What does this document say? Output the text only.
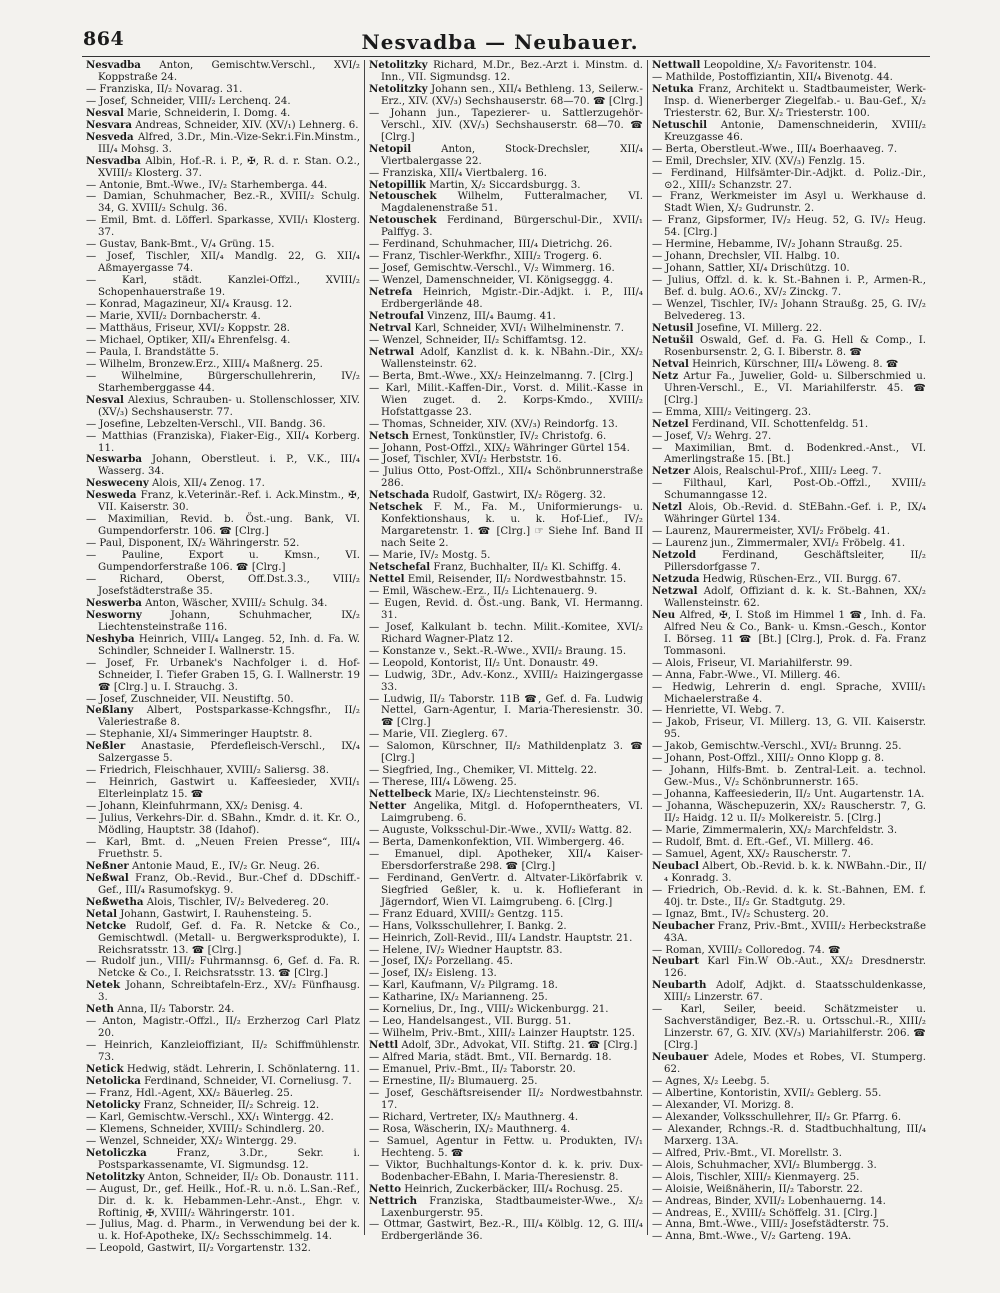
864	Nesvadba — Neubauer.
Nesvadba Anton, Gemischtw.Verschl., XVI/₂ Koppstraße 24.
— Franziska, II/₂ Novarag. 31.
— Josef, Schneider, VIII/₂ Lerchenq. 24.
Nesval Marie, Schneiderin, I. Domg. 4.
Nesvara Andreas, Schneider, XIV. (XV/₁) Lehnerg. 6.
Nesveda Alfred, 3.Dr., Min.-Vize-Sekr.i.Fin.Minstm., III/₄ Mohsg. 3.
Nesvadba Albin, Hof.-R. i. P., ✠, R. d. r. Stan. O.2., XVIII/₂ Klosterg. 37.
— Antonie, Bmt.-Wwe., IV/₂ Starhemberga. 44.
— Damian, Schuhmacher, Bez.-R., XVIII/₂ Schulg. 34, G. XVIII/₂ Schulg. 36.
— Emil, Bmt. d. Löfferl. Sparkasse, XVII/₁ Klosterg. 37.
— Gustav, Bank-Bmt., V/₄ Grüng. 15.
— Josef, Tischler, XII/₄ Mandlg. 22, G. XII/₄ Aßmayergasse 74.
— Karl, städt. Kanzlei-Offzl., XVIII/₂ Schopenhauerstraße 19.
— Konrad, Magazineur, XI/₄ Krausg. 12.
— Marie, XVII/₂ Dornbacherstr. 4.
— Matthäus, Friseur, XVI/₂ Koppstr. 28.
— Michael, Optiker, XII/₄ Ehrenfelsg. 4.
— Paula, I. Brandstätte 5.
— Wilhelm, Bronzew.Erz., XIII/₄ Maßnerg. 25.
— Wilhelmine, Bürgerschullehrerin, IV/₂ Starhemberggasse 44.
Nesval Alexius, Schrauben- u. Stollenschlosser, XIV. (XV/₃) Sechshauserstr. 77.
— Josefine, Lebzelten-Verschl., VII. Bandg. 36.
— Matthias (Franziska), Fiaker-Eig., XII/₄ Korberg. 11.
Neswarba Johann, Oberstleut. i. P., V.K., III/₄ Wasserg. 34.
Nesweceny Alois, XII/₄ Zenog. 17.
Nesweda Franz, k.Veterinär.-Ref. i. Ack.Minstm., ✠, VII. Kaiserstr. 30.
— Maximilian, Revid. b. Öst.-ung. Bank, VI. Gumpendorferstr. 106. ☎ [Clrg.]
— Paul, Disponent, IX/₂ Währingerstr. 52.
— Pauline, Export u. Kmsn., VI. Gumpendorferstraße 106. ☎ [Clrg.]
— Richard, Oberst, Off.Dst.3.3., VIII/₂ Josefstädterstraße 35.
Neswerba Anton, Wäscher, XVIII/₂ Schulg. 34.
Nesworny Johann, Schuhmacher, IX/₂ Liechtensteinstraße 116.
Neshyba Heinrich, VIII/₄ Langeg. 52, Inh. d. Fa. W. Schindler, Schneider I. Wallnerstr. 15.
— Josef, Fr. Urbanek's Nachfolger i. d. Hof-Schneider, I. Tiefer Graben 15, G. I. Wallnerstr. 19 ☎ [Clrg.] u. I. Strauchg. 3.
— Josef, Zuschneider, VII. Neustiftg. 50.
Neßlany Albert, Postsparkasse-Kchngsfhr., II/₂ Valeriestraße 8.
— Stephanie, XI/₄ Simmeringer Hauptstr. 8.
Neßler Anastasie, Pferdefleisch-Verschl., IX/₄ Salzergasse 5.
— Friedrich, Fleischhauer, XVIII/₂ Saliersg. 38.
— Heinrich, Gastwirt u. Kaffeesieder, XVII/₁ Elterleinplatz 15. ☎
— Johann, Kleinfuhrmann, XX/₂ Denisg. 4.
— Julius, Verkehrs-Dir. d. SBahn., Kmdr. d. it. Kr. O., Mödling, Hauptstr. 38 (Idahof).
— Karl, Bmt. d. „Neuen Freien Presse“, III/₄ Fruethstr. 5.
Neßner Antonie Maud, E., IV/₂ Gr. Neug. 26.
Neßwal Franz, Ob.-Revid., Bur.-Chef d. DDschiff.-Gef., III/₄ Rasumofskyg. 9.
Neßwetha Alois, Tischler, IV/₂ Belvedereg. 20.
Netal Johann, Gastwirt, I. Rauhensteing. 5.
Netcke Rudolf, Gef. d. Fa. R. Netcke & Co., Gemischtwdl. (Metall- u. Bergwerksprodukte), I. Reichsratsstr. 13. ☎ [Clrg.]
— Rudolf jun., VIII/₂ Fuhrmannsg. 6, Gef. d. Fa. R. Netcke & Co., I. Reichsratsstr. 13. ☎ [Clrg.]
Netek Johann, Schreibtafeln-Erz., XV/₂ Fünfhausg. 3.
Neth Anna, II/₂ Taborstr. 24.
— Anton, Magistr.-Offzl., II/₂ Erzherzog Carl Platz 20.
— Heinrich, Kanzleioffiziant, II/₂ Schiffmühlenstr. 73.
Netick Hedwig, städt. Lehrerin, I. Schönlaterng. 11.
Netolicka Ferdinand, Schneider, VI. Corneliusg. 7.
— Franz, Hdl.-Agent, XX/₂ Bäuerleg. 25.
Netolicky Franz, Schneider, II/₂ Schreig. 12.
— Karl, Gemischtw.-Verschl., XX/₁ Wintergg. 42.
— Klemens, Schneider, XVIII/₂ Schindlerg. 20.
— Wenzel, Schneider, XX/₂ Wintergg. 29.
Netoliczka Franz, 3.Dr., Sekr. i. Postsparkassenamte, VI. Sigmundsg. 12.
Netolitzky Anton, Schneider, II/₂ Ob. Donaustr. 111.
— August, Dr., gef. Heilk., Hof.-R. u. n.ö. L.San.-Ref., Dir. d. k. k. Hebammen-Lehr.-Anst., Ehgr. v. Roftinig, ✠, XVIII/₂ Währingerstr. 101.
— Julius, Mag. d. Pharm., in Verwendung bei der k. u. k. Hof-Apotheke, IX/₂ Sechsschimmelg. 14.
— Leopold, Gastwirt, II/₂ Vorgartenstr. 132.
Netolitzky Richard, M.Dr., Bez.-Arzt i. Minstm. d. Inn., VII. Sigmundsg. 12.
Netolitzky Johann sen., XII/₄ Bethleng. 13, Seilerw.-Erz., XIV. (XV/₃) Sechshauserstr. 68—70. ☎ [Clrg.]
— Johann jun., Tapezierer- u. Sattlerzugehör-Verschl., XIV. (XV/₃) Sechshauserstr. 68—70. ☎ [Clrg.]
Netopil Anton, Stock-Drechsler, XII/₄ Viertbalergasse 22.
— Franziska, XII/₄ Viertbalerg. 16.
Netopillik Martin, X/₂ Siccardsburgg. 3.
Netouschek Wilhelm, Futteralmacher, VI. Magdalenenstraße 51.
Netouschek Ferdinand, Bürgerschul-Dir., XVII/₁ Palffyg. 3.
— Ferdinand, Schuhmacher, III/₄ Dietrichg. 26.
— Franz, Tischler-Werkfhr., XIII/₂ Trogerg. 6.
— Josef, Gemischtw.-Verschl., V/₂ Wimmerg. 16.
— Wenzel, Damenschneider, VI. Königseggg. 4.
Netrefa Heinrich, Mgistr.-Dir.-Adjkt. i. P., III/₄ Erdbergerlände 48.
Netroufal Vinzenz, III/₄ Baumg. 41.
Netrval Karl, Schneider, XVI/₁ Wilhelminenstr. 7.
— Wenzel, Schneider, II/₂ Schiffamtsg. 12.
Netrwal Adolf, Kanzlist d. k. k. NBahn.-Dir., XX/₂ Wallensteinstr. 62.
— Berta, Bmt.-Wwe., XX/₂ Heinzelmanng. 7. [Clrg.]
— Karl, Milit.-Kaffen-Dir., Vorst. d. Milit.-Kasse in Wien zuget. d. 2. Korps-Kmdo., XVIII/₂ Hofstattgasse 23.
— Thomas, Schneider, XIV. (XV/₃) Reindorfg. 13.
Netsch Ernest, Tonkünstler, IV/₂ Christofg. 6.
— Johann, Post-Offzl., XIX/₂ Währinger Gürtel 154.
— Josef, Tischler, XVI/₂ Herbststr. 16.
— Julius Otto, Post-Offzl., XII/₄ Schönbrunnerstraße 286.
Netschada Rudolf, Gastwirt, IX/₂ Rögerg. 32.
Netschek F. M., Fa. M., Uniformierungs- u. Konfektionshaus, k. u. k. Hof-Lief., IV/₂ Margaretenstr. 1. ☎ [Clrg.] ☞ Siehe Inf. Band II nach Seite 2.
— Marie, IV/₂ Mostg. 5.
Netschefal Franz, Buchhalter, II/₂ Kl. Schiffg. 4.
Nettel Emil, Reisender, II/₂ Nordwestbahnstr. 15.
— Emil, Wäschew.-Erz., II/₂ Lichtenauerg. 9.
— Eugen, Revid. d. Öst.-ung. Bank, VI. Hermanng. 31.
— Josef, Kalkulant b. techn. Milit.-Komitee, XVI/₂ Richard Wagner-Platz 12.
— Konstanze v., Sekt.-R.-Wwe., XVII/₂ Braung. 15.
— Leopold, Kontorist, II/₂ Unt. Donaustr. 49.
— Ludwig, 3Dr., Adv.-Konz., XVIII/₂ Haizingergasse 33.
— Ludwig, II/₂ Taborstr. 11B ☎, Gef. d. Fa. Ludwig Nettel, Garn-Agentur, I. Maria-Theresienstr. 30. ☎ [Clrg.]
— Marie, VII. Zieglerg. 67.
— Salomon, Kürschner, II/₂ Mathildenplatz 3. ☎ [Clrg.]
— Siegfried, Ing., Chemiker, VI. Mittelg. 22.
— Therese, III/₄ Löweng. 25.
Nettelbeck Marie, IX/₂ Liechtensteinstr. 96.
Netter Angelika, Mitgl. d. Hofoperntheaters, VI. Laimgrubeng. 6.
— Auguste, Volksschul-Dir.-Wwe., XVII/₂ Wattg. 82.
— Berta, Damenkonfektion, VII. Wimbergerg. 46.
— Emanuel, dipl. Apotheker, XII/₄ Kaiser-Ebersdorferstraße 298. ☎ [Clrg.]
— Ferdinand, GenVertr. d. Altvater-Likörfabrik v. Siegfried Geßler, k. u. k. Hoflieferant in Jägerndorf, Wien VI. Laimgrubeng. 6. [Clrg.]
— Franz Eduard, XVIII/₂ Gentzg. 115.
— Hans, Volksschullehrer, I. Bankg. 2.
— Heinrich, Zoll-Revid., III/₄ Landstr. Hauptstr. 21.
— Helene, IV/₂ Wiedner Hauptstr. 83.
— Josef, IX/₂ Porzellang. 45.
— Josef, IX/₂ Eisleng. 13.
— Karl, Kaufmann, V/₂ Pilgramg. 18.
— Katharine, IX/₂ Marianneng. 25.
— Kornelius, Dr., Ing., VIII/₂ Wickenburgg. 21.
— Leo, Handelsangest., VII. Burgg. 51.
— Wilhelm, Priv.-Bmt., XIII/₂ Lainzer Hauptstr. 125.
Nettl Adolf, 3Dr., Advokat, VII. Stiftg. 21. ☎ [Clrg.]
— Alfred Maria, städt. Bmt., VII. Bernardg. 18.
— Emanuel, Priv.-Bmt., II/₂ Taborstr. 20.
— Ernestine, II/₂ Blumauerg. 25.
— Josef, Geschäftsreisender II/₂ Nordwestbahnstr. 17.
— Richard, Vertreter, IX/₂ Mauthnerg. 4.
— Rosa, Wäscherin, IX/₂ Mauthnerg. 4.
— Samuel, Agentur in Fettw. u. Produkten, IV/₁ Hechteng. 5. ☎
— Viktor, Buchhaltungs-Kontor d. k. k. priv. Dux-Bodenbacher-EBahn, I. Maria-Theresienstr. 8.
Netto Heinrich, Zuckerbäcker, III/₄ Rochusg. 25.
Nettrich Franziska, Stadtbaumeister-Wwe., X/₂ Laxenburgerstr. 95.
— Ottmar, Gastwirt, Bez.-R., III/₄ Kölblg. 12, G. III/₄ Erdbergerlände 36.
Nettwall Leopoldine, X/₂ Favoritenstr. 104.
— Mathilde, Postoffiziantin, XII/₄ Bivenotg. 44.
Netuka Franz, Architekt u. Stadtbaumeister, Werk-Insp. d. Wienerberger Ziegelfab.- u. Bau-Gef., X/₂ Triesterstr. 62, Bur. X/₂ Triesterstr. 100.
Netuschil Antonie, Damenschneiderin, XVIII/₂ Kreuzgasse 46.
— Berta, Oberstleut.-Wwe., III/₄ Boerhaaveg. 7.
— Emil, Drechsler, XIV. (XV/₃) Fenzlg. 15.
— Ferdinand, Hilfsämter-Dir.-Adjkt. d. Poliz.-Dir., ⊙2., XIII/₂ Schanzstr. 27.
— Franz, Werkmeister im Asyl u. Werkhause d. Stadt Wien, X/₂ Gudrunstr. 2.
— Franz, Gipsformer, IV/₂ Heug. 52, G. IV/₂ Heug. 54. [Clrg.]
— Hermine, Hebamme, IV/₂ Johann Straußg. 25.
— Johann, Drechsler, VII. Halbg. 10.
— Johann, Sattler, XI/₄ Drischützg. 10.
— Julius, Offzl. d. k. k. St.-Bahnen i. P., Armen-R., Bef. d. bulg. AO.6., XV/₂ Zinckg. 7.
— Wenzel, Tischler, IV/₂ Johann Straußg. 25, G. IV/₂ Belvedereg. 13.
Netusil Josefine, VI. Millerg. 22.
Netušil Oswald, Gef. d. Fa. G. Hell & Comp., I. Rosenbursenstr. 2, G. I. Biberstr. 8. ☎
Netval Heinrich, Kürschner, III/₄ Löweng. 8. ☎
Netz Artur Fa., Juwelier, Gold- u. Silberschmied u. Uhren-Verschl., E., VI. Mariahilferstr. 45. ☎ [Clrg.]
— Emma, XIII/₂ Veitingerg. 23.
Netzel Ferdinand, VII. Schottenfeldg. 51.
— Josef, V/₂ Wehrg. 27.
— Maximilian, Bmt. d. Bodenkred.-Anst., VI. Amerlingstraße 15. [Bt.]
Netzer Alois, Realschul-Prof., XIII/₂ Leeg. 7.
— Filthaul, Karl, Post-Ob.-Offzl., XVIII/₂ Schumanngasse 12.
Netzl Alois, Ob.-Revid. d. StEBahn.-Gef. i. P., IX/₄ Währinger Gürtel 134.
— Laurenz, Maurermeister, XVI/₂ Fröbelg. 41.
— Laurenz jun., Zimmermaler, XVI/₂ Fröbelg. 41.
Netzold Ferdinand, Geschäftsleiter, II/₂ Pillersdorfgasse 7.
Netzuda Hedwig, Rüschen-Erz., VII. Burgg. 67.
Netzwal Adolf, Offiziant d. k. k. St.-Bahnen, XX/₂ Wallensteinstr. 62.
Neu Alfred, ✠, I. Stoß im Himmel 1 ☎, Inh. d. Fa. Alfred Neu & Co., Bank- u. Kmsn.-Gesch., Kontor I. Börseg. 11 ☎ [Bt.] [Clrg.], Prok. d. Fa. Franz Tommasoni.
— Alois, Friseur, VI. Mariahilferstr. 99.
— Anna, Fabr.-Wwe., VI. Millerg. 46.
— Hedwig, Lehrerin d. engl. Sprache, XVIII/₁ Michaelerstraße 4.
— Henriette, VI. Webg. 7.
— Jakob, Friseur, VI. Millerg. 13, G. VII. Kaiserstr. 95.
— Jakob, Gemischtw.-Verschl., XVI/₂ Brunng. 25.
— Johann, Post-Offzl., XIII/₂ Onno Klopp g. 8.
— Johann, Hilfs-Bmt. b. Zentral-Leit. a. technol. Gew.-Mus., V/₂ Schönbrunnerstr. 165.
— Johanna, Kaffeesiederin, II/₂ Unt. Augartenstr. 1A.
— Johanna, Wäschepuzerin, XX/₂ Rauscherstr. 7, G. II/₂ Haidg. 12 u. II/₂ Molkereistr. 5. [Clrg.]
— Marie, Zimmermalerin, XX/₂ Marchfeldstr. 3.
— Rudolf, Bmt. d. Eft.-Gef., VI. Millerg. 46.
— Samuel, Agent, XX/₂ Rauscherstr. 7.
Neubacl Albert, Ob.-Revid. b. k. k. NWBahn.-Dir., II/₄ Konradg. 3.
— Friedrich, Ob.-Revid. d. k. k. St.-Bahnen, EM. f. 40j. tr. Dste., II/₂ Gr. Stadtgutg. 29.
— Ignaz, Bmt., IV/₂ Schusterg. 20.
Neubacher Franz, Priv.-Bmt., XVIII/₂ Herbeckstraße 43A.
— Roman, XVIII/₂ Colloredog. 74. ☎
Neubart Karl Fin.W Ob.-Aut., XX/₂ Dresdnerstr. 126.
Neubarth Adolf, Adjkt. d. Staatsschuldenkasse, XIII/₂ Linzerstr. 67.
— Karl, Seiler, beeid. Schätzmeister u. Sachverständiger, Bez.-R. u. Ortsschul.-R., XIII/₂ Linzerstr. 67, G. XIV. (XV/₃) Mariahilferstr. 206. ☎ [Clrg.]
Neubauer Adele, Modes et Robes, VI. Stumperg. 62.
— Agnes, X/₂ Leebg. 5.
— Albertine, Kontoristin, XVII/₂ Geblerg. 55.
— Alexander, VI. Morizg. 8.
— Alexander, Volksschullehrer, II/₂ Gr. Pfarrg. 6.
— Alexander, Rchngs.-R. d. Stadtbuchhaltung, III/₄ Marxerg. 13A.
— Alfred, Priv.-Bmt., VI. Morellstr. 3.
— Alois, Schuhmacher, XVI/₂ Blumbergg. 3.
— Alois, Tischler, XIII/₂ Kienmayerg. 25.
— Aloisie, Weißnäherin, II/₂ Taborstr. 22.
— Andreas, Binder, XVII/₂ Lobenhauerng. 14.
— Andreas, E., XVIII/₂ Schöffelg. 31. [Clrg.]
— Anna, Bmt.-Wwe., VIII/₂ Josefstädterstr. 75.
— Anna, Bmt.-Wwe., V/₂ Garteng. 19A.
